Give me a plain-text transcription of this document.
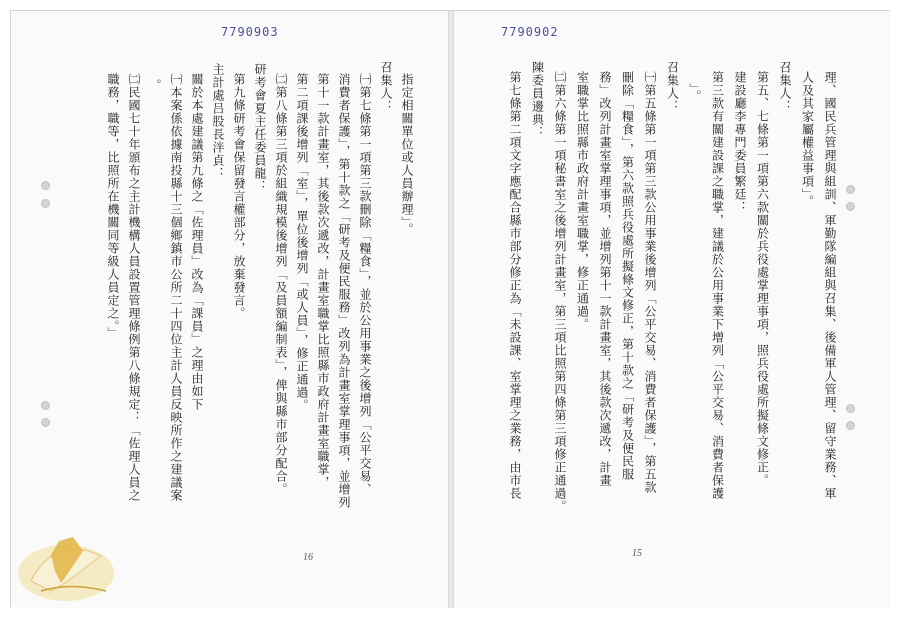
7790903
指定相關單位或人員辦理」。
召集人：
㈠第七條第一項第三款刪除「糧食」，並於公用事業之後增列「公平交易、
消費者保護」，第十款之「研考及便民服務」改列為計畫室掌理事項，並增列
第十一款計畫室，其後款次遞改，計畫室職掌比照縣市政府計畫室職掌，
第二項課後增列「室」，單位後增列「或人員」，修正通過。
㈡第八條第三項於組織規模後增列「及員額編制表」，俾與縣市部分配合。
研考會夏主任委員龍：
第九條研考會保留發言權部分，放棄發言。
主計處吕股長泮貞：
關於本處建議第九條之「佐理員」改為「課員」之理由如下
㈠本案係依據南投縣十三個鄉鎮市公所二十四位主計人員反映所作之建議案
。
㈡民國七十年頒布之主計機構人員設置管理條例第八條規定：「佐理人員之
職務，職等，比照所在機關同等級人員定之。」
16
7790902
理、國民兵管理與組訓、軍勤隊編組與召集、後備軍人管理、留守業務、軍
人及其家屬權益事項」。
召集人：
第五、七條第一項第六款關於兵役處掌理事項，照兵役處所擬條文修正。
建設廳李專門委員繁廷：
第三款有關建設課之職掌，建議於公用事業下增列「公平交易、消費者保護
」。
召集人：
㈠第五條第一項第三款公用事業後增列「公平交易、消費者保護」，第五款
刪除「糧食」，第六款照兵役處所擬條文修正，第十款之「研考及便民服
務」改列計畫室掌理事項，並增列第十一款計畫室，其後款次遞改，計畫
室職掌比照縣市政府計畫室職掌，修正通過。
㈡第六條第一項秘書室之後增列計畫室，第三項比照第四條第三項修正通過。
陳委員邊典：
第七條第二項文字應配合縣市部分修正為「未設課、室掌理之業務，由市長
15
